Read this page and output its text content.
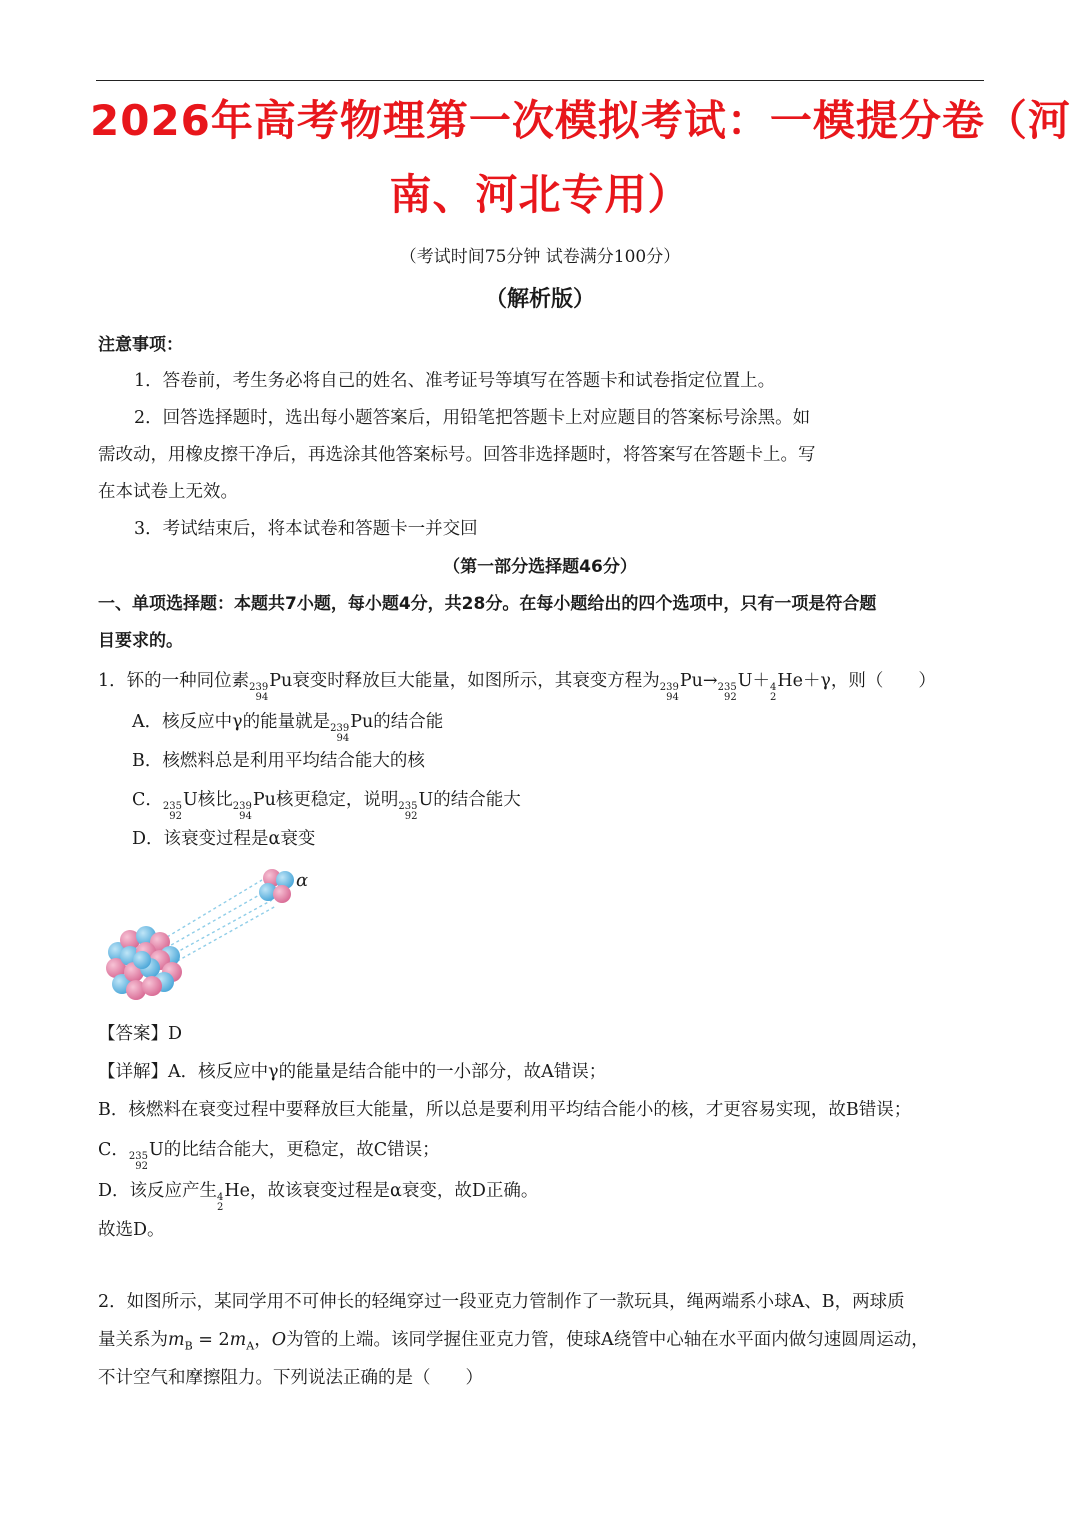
2026年高考物理第一次模拟考试：一模提分卷（河
南、河北专用）
（考试时间75分钟 试卷满分100分）
（解析版）
注意事项：
1．答卷前，考生务必将自己的姓名、准考证号等填写在答题卡和试卷指定位置上。
2．回答选择题时，选出每小题答案后，用铅笔把答题卡上对应题目的答案标号涂黑。如
需改动，用橡皮擦干净后，再选涂其他答案标号。回答非选择题时，将答案写在答题卡上。写
在本试卷上无效。
3．考试结束后，将本试卷和答题卡一并交回
（第一部分选择题46分）
一、单项选择题：本题共7小题，每小题4分，共28分。在每小题给出的四个选项中，只有一项是符合题
目要求的。
1．钚的一种同位素 239
94
Pu衰变时释放巨大能量，如图所示，其衰变方程为 239
94
Pu→ 235
92
U＋ 4
2
He＋γ，则（　　）
A．核反应中γ的能量就是 239
94
Pu的结合能
B．核燃料总是利用平均结合能大的核
C． 235
92
U核比 239
94
Pu核更稳定，说明 235
92
U的结合能大
D．该衰变过程是α衰变
α
【答案】D
【详解】A．核反应中γ的能量是结合能中的一小部分，故A错误；
B．核燃料在衰变过程中要释放巨大能量，所以总是要利用平均结合能小的核，才更容易实现，故B错误；
C． 235
92
U的比结合能大，更稳定，故C错误；
D．该反应产生 4
2
He，故该衰变过程是α衰变，故D正确。
故选D。
2．如图所示，某同学用不可伸长的轻绳穿过一段亚克力管制作了一款玩具，绳两端系小球A、B，两球质
量关系为$m_B = 2m_A$，O为管的上端。该同学握住亚克力管，使球A绕管中心轴在水平面内做匀速圆周运动，
不计空气和摩擦阻力。下列说法正确的是（　　）
